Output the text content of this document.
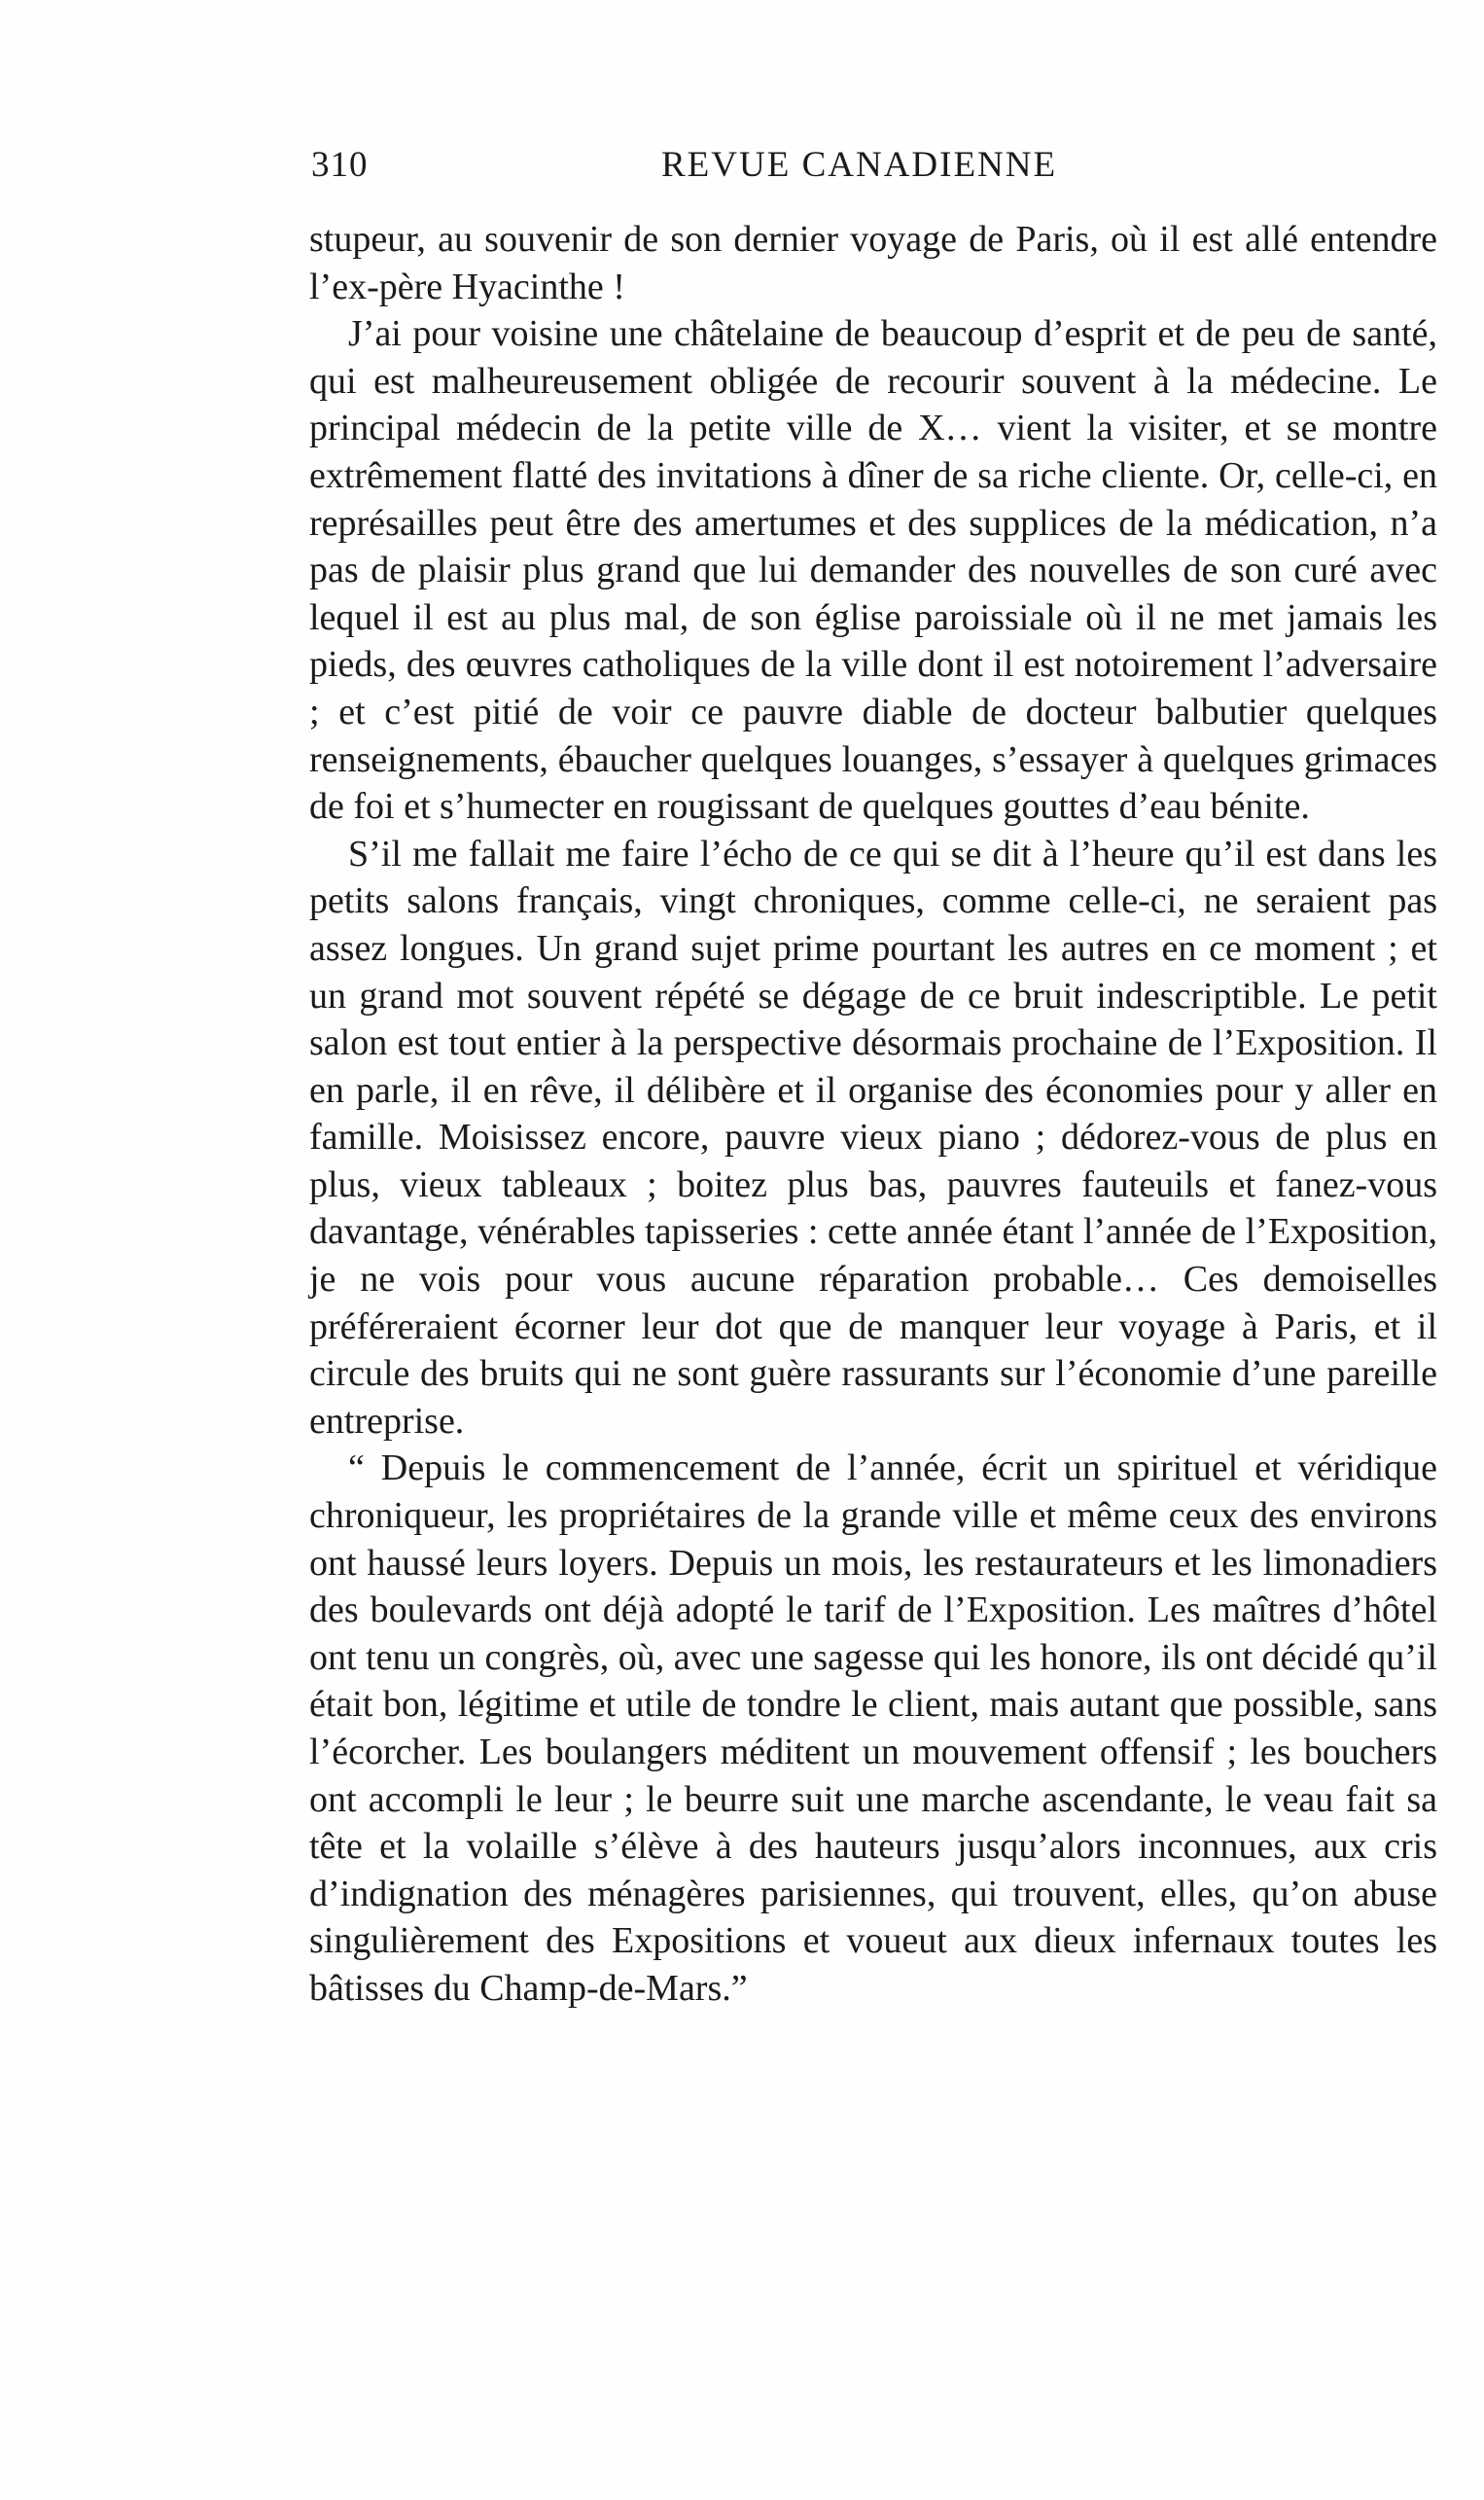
310	REVUE CANADIENNE

stupeur, au souvenir de son dernier voyage de Paris, où il est allé entendre l’ex-père Hyacinthe !

J’ai pour voisine une châtelaine de beaucoup d’esprit et de peu de santé, qui est malheureusement obligée de recourir souvent à la médecine. Le principal médecin de la petite ville de X… vient la visiter, et se montre extrêmement flatté des invitations à dîner de sa riche cliente. Or, celle-ci, en représailles peut être des amertumes et des supplices de la médication, n’a pas de plaisir plus grand que lui demander des nouvelles de son curé avec lequel il est au plus mal, de son église paroissiale où il ne met jamais les pieds, des œuvres catholiques de la ville dont il est notoirement l’adversaire ; et c’est pitié de voir ce pauvre diable de docteur balbutier quelques renseignements, ébaucher quelques louanges, s’essayer à quelques grimaces de foi et s’humecter en rougissant de quelques gouttes d’eau bénite.

S’il me fallait me faire l’écho de ce qui se dit à l’heure qu’il est dans les petits salons français, vingt chroniques, comme celle-ci, ne seraient pas assez longues. Un grand sujet prime pourtant les autres en ce moment ; et un grand mot souvent répété se dégage de ce bruit indescriptible. Le petit salon est tout entier à la perspective désormais prochaine de l’Exposition. Il en parle, il en rêve, il délibère et il organise des économies pour y aller en famille. Moisissez encore, pauvre vieux piano ; dédorez-vous de plus en plus, vieux tableaux ; boitez plus bas, pauvres fauteuils et fanez-vous davantage, vénérables tapisseries : cette année étant l’année de l’Exposition, je ne vois pour vous aucune réparation probable… Ces demoiselles préféreraient écorner leur dot que de manquer leur voyage à Paris, et il circule des bruits qui ne sont guère rassurants sur l’économie d’une pareille entreprise.

“ Depuis le commencement de l’année, écrit un spirituel et véridique chroniqueur, les propriétaires de la grande ville et même ceux des environs ont haussé leurs loyers. Depuis un mois, les restaurateurs et les limonadiers des boulevards ont déjà adopté le tarif de l’Exposition. Les maîtres d’hôtel ont tenu un congrès, où, avec une sagesse qui les honore, ils ont décidé qu’il était bon, légitime et utile de tondre le client, mais autant que possible, sans l’écorcher. Les boulangers méditent un mouvement offensif ; les bouchers ont accompli le leur ; le beurre suit une marche ascendante, le veau fait sa tête et la volaille s’élève à des hauteurs jusqu’alors inconnues, aux cris d’indignation des ménagères parisiennes, qui trouvent, elles, qu’on abuse singulièrement des Expositions et voueut aux dieux infernaux toutes les bâtisses du Champ-de-Mars.”
